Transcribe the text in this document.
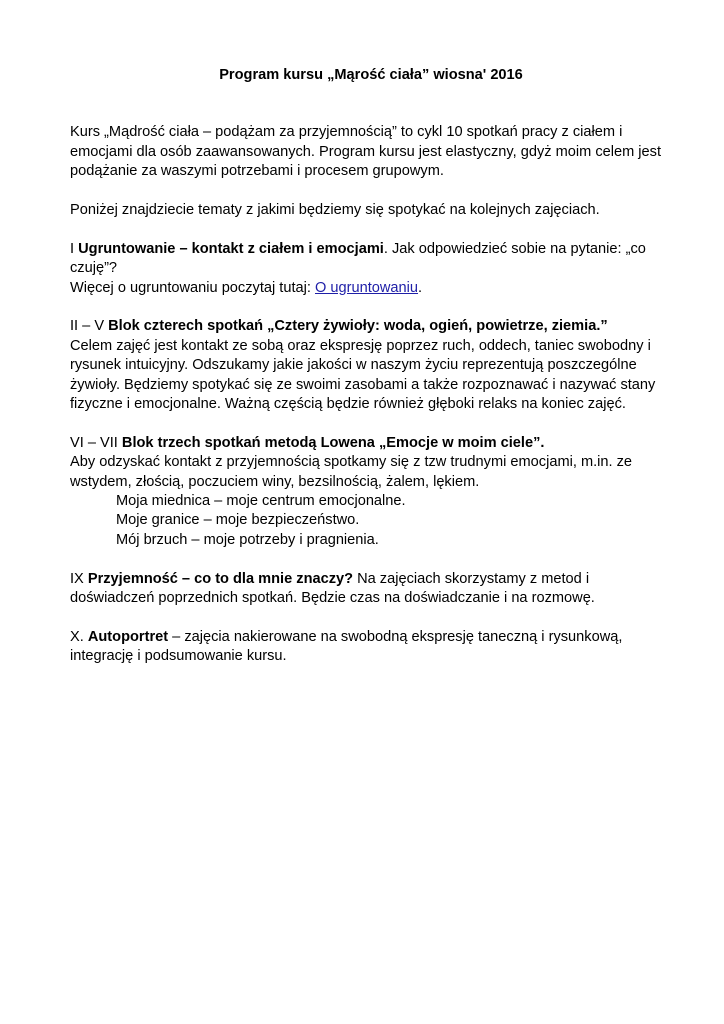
Program kursu „Mąrość ciała” wiosna' 2016

Kurs „Mądrość ciała – podążam za przyjemnością” to cykl 10 spotkań pracy z ciałem i emocjami dla osób zaawansowanych. Program kursu jest elastyczny, gdyż moim celem jest podążanie za waszymi potrzebami i procesem grupowym.

Poniżej znajdziecie tematy z jakimi będziemy się spotykać na kolejnych zajęciach.

I Ugruntowanie – kontakt z ciałem i emocjami. Jak odpowiedzieć sobie na pytanie: „co czuję”?

Więcej o ugruntowaniu poczytaj tutaj: O ugruntowaniu.

II – V Blok czterech spotkań „Cztery żywioły: woda, ogień, powietrze, ziemia.”

Celem zajęć jest kontakt ze sobą oraz ekspresję poprzez ruch, oddech, taniec swobodny i rysunek intuicyjny. Odszukamy jakie jakości w naszym życiu reprezentują poszczególne żywioły. Będziemy spotykać się ze swoimi zasobami a także rozpoznawać i nazywać stany fizyczne i emocjonalne. Ważną częścią będzie również głęboki relaks na koniec zajęć.

VI – VII Blok trzech spotkań metodą Lowena „Emocje w moim ciele”.

Aby odzyskać kontakt z przyjemnością spotkamy się z tzw trudnymi emocjami, m.in. ze wstydem, złością, poczuciem winy, bezsilnością, żalem, lękiem.

Moja miednica – moje centrum emocjonalne.

Moje granice – moje bezpieczeństwo.

Mój brzuch – moje potrzeby i pragnienia.

IX Przyjemność – co to dla mnie znaczy? Na zajęciach skorzystamy z metod i doświadczeń poprzednich spotkań. Będzie czas na doświadczanie i na rozmowę.

X. Autoportret – zajęcia nakierowane na swobodną ekspresję taneczną i rysunkową, integrację i podsumowanie kursu.
